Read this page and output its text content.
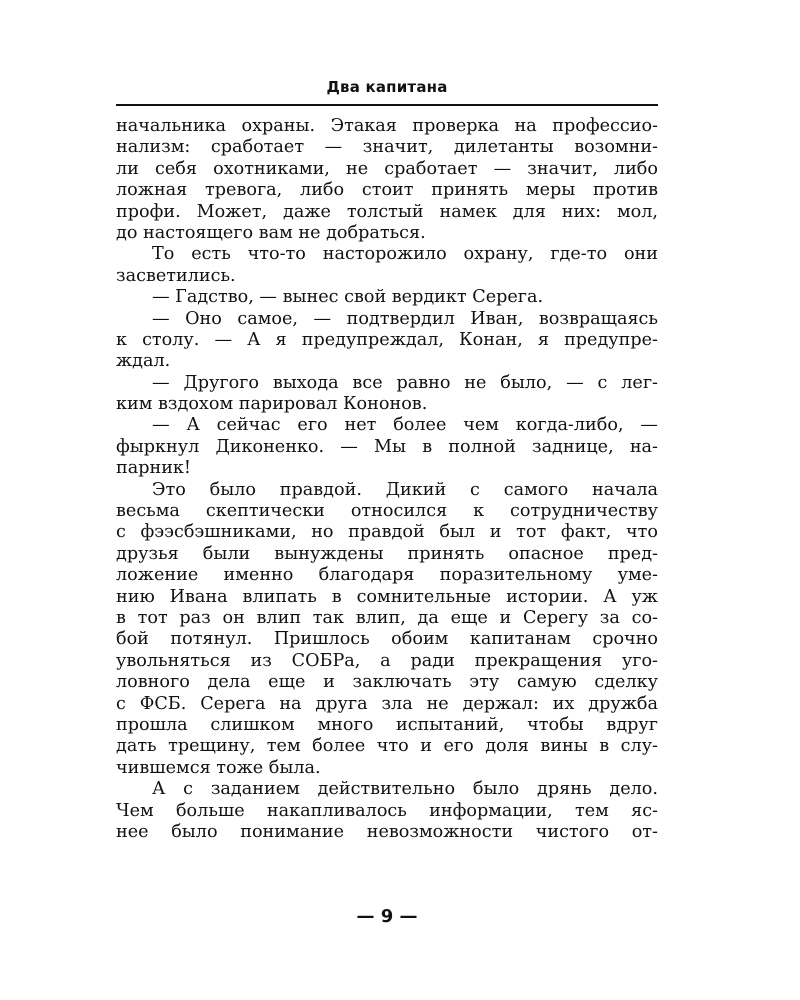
Два капитана
начальника охраны. Этакая проверка на профессио-
нализм: сработает — значит, дилетанты возомни-
ли себя охотниками, не сработает — значит, либо
ложная тревога, либо стоит принять меры против
профи. Может, даже толстый намек для них: мол,
до настоящего вам не добраться.
То есть что-то насторожило охрану, где-то они
засветились.
— Гадство, — вынес свой вердикт Серега.
— Оно самое, — подтвердил Иван, возвращаясь
к столу. — А я предупреждал, Конан, я предупре-
ждал.
— Другого выхода все равно не было, — с лег-
ким вздохом парировал Кононов.
— А сейчас его нет более чем когда-либо, —
фыркнул Диконенко. — Мы в полной заднице, на-
парник!
Это было правдой. Дикий с самого начала
весьма скептически относился к сотрудничеству
с фээсбэшниками, но правдой был и тот факт, что
друзья были вынуждены принять опасное пред-
ложение именно благодаря поразительному уме-
нию Ивана влипать в сомнительные истории. А уж
в тот раз он влип так влип, да еще и Серегу за со-
бой потянул. Пришлось обоим капитанам срочно
увольняться из СОБРа, а ради прекращения уго-
ловного дела еще и заключать эту самую сделку
с ФСБ. Серега на друга зла не держал: их дружба
прошла слишком много испытаний, чтобы вдруг
дать трещину, тем более что и его доля вины в слу-
чившемся тоже была.
А с заданием действительно было дрянь дело.
Чем больше накапливалось информации, тем яс-
нее было понимание невозможности чистого от-
— 9 —
